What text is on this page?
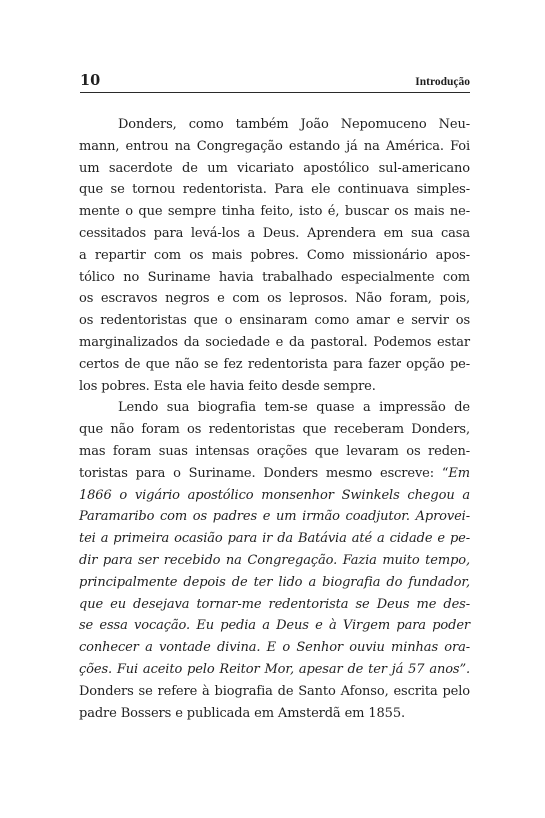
10	Introdução
Donders, como também João Nepomuceno Neu-
mann, entrou na Congregação estando já na América. Foi
um sacerdote de um vicariato apostólico sul-americano
que se tornou redentorista. Para ele continuava simples-
mente o que sempre tinha feito, isto é, buscar os mais ne-
cessitados para levá-los a Deus. Aprendera em sua casa
a repartir com os mais pobres. Como missionário apos-
tólico no Suriname havia trabalhado especialmente com
os escravos negros e com os leprosos. Não foram, pois,
os redentoristas que o ensinaram como amar e servir os
marginalizados da sociedade e da pastoral. Podemos estar
certos de que não se fez redentorista para fazer opção pe-
los pobres. Esta ele havia feito desde sempre.
Lendo sua biografia tem-se quase a impressão de
que não foram os redentoristas que receberam Donders,
mas foram suas intensas orações que levaram os reden-
toristas para o Suriname. Donders mesmo escreve: “Em
1866 o vigário apostólico monsenhor Swinkels chegou a
Paramaribo com os padres e um irmão coadjutor. Aprovei-
tei a primeira ocasião para ir da Batávia até a cidade e pe-
dir para ser recebido na Congregação. Fazia muito tempo,
principalmente depois de ter lido a biografia do fundador,
que eu desejava tornar-me redentorista se Deus me des-
se essa vocação. Eu pedia a Deus e à Virgem para poder
conhecer a vontade divina. E o Senhor ouviu minhas ora-
ções. Fui aceito pelo Reitor Mor, apesar de ter já 57 anos”.
Donders se refere à biografia de Santo Afonso, escrita pelo
padre Bossers e publicada em Amsterdã em 1855.
